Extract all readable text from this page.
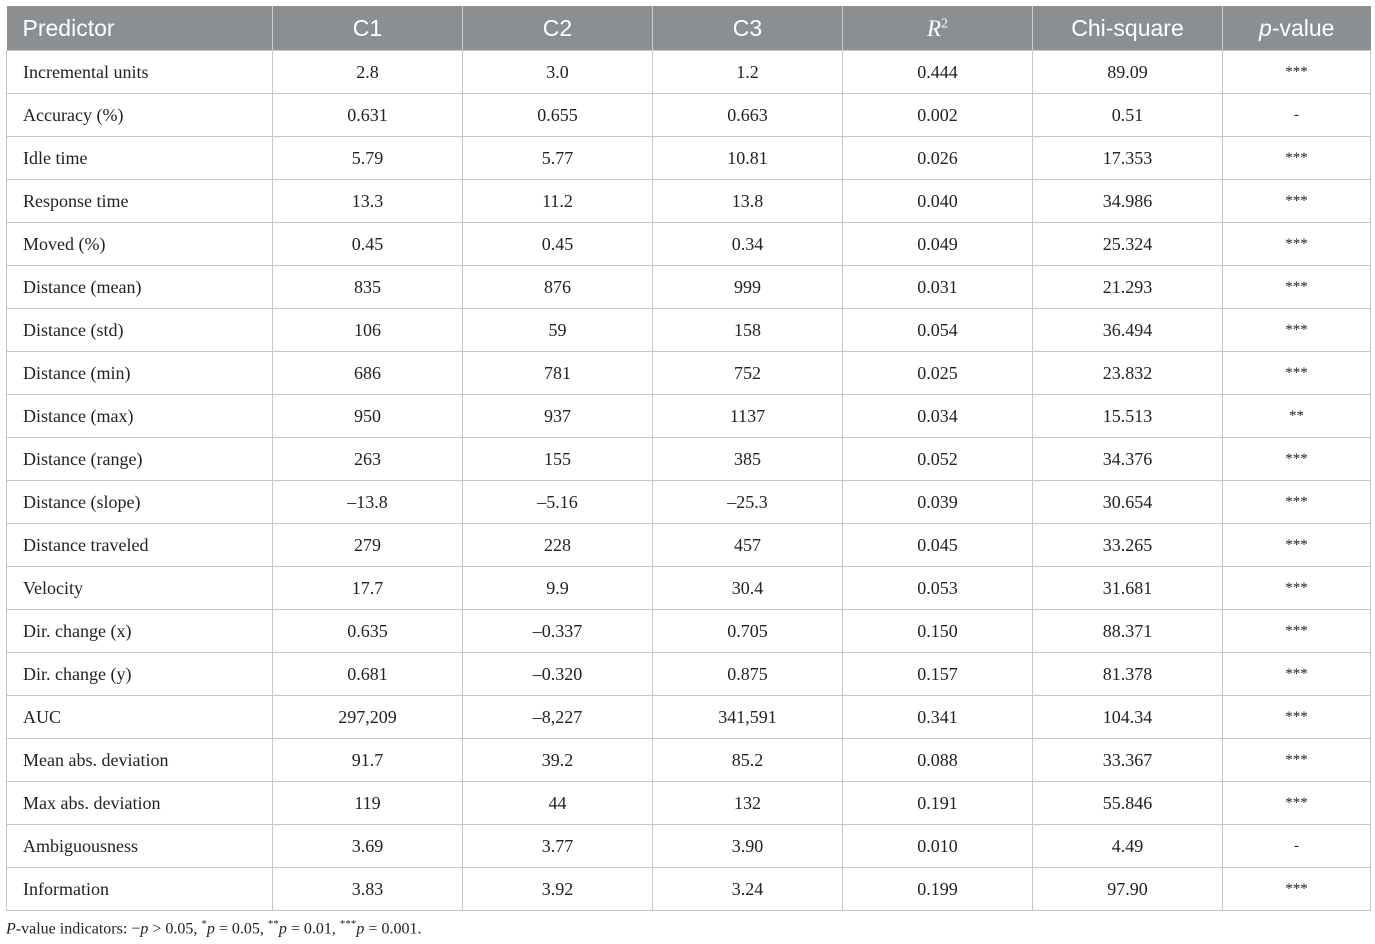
Predictor	C1	C2	C3	$R^2$	Chi-square	p-value
Incremental units	2.8	3.0	1.2	0.444	89.09	***
Accuracy (%)	0.631	0.655	0.663	0.002	0.51	-
Idle time	5.79	5.77	10.81	0.026	17.353	***
Response time	13.3	11.2	13.8	0.040	34.986	***
Moved (%)	0.45	0.45	0.34	0.049	25.324	***
Distance (mean)	835	876	999	0.031	21.293	***
Distance (std)	106	59	158	0.054	36.494	***
Distance (min)	686	781	752	0.025	23.832	***
Distance (max)	950	937	1137	0.034	15.513	**
Distance (range)	263	155	385	0.052	34.376	***
Distance (slope)	–13.8	–5.16	–25.3	0.039	30.654	***
Distance traveled	279	228	457	0.045	33.265	***
Velocity	17.7	9.9	30.4	0.053	31.681	***
Dir. change (x)	0.635	–0.337	0.705	0.150	88.371	***
Dir. change (y)	0.681	–0.320	0.875	0.157	81.378	***
AUC	297,209	–8,227	341,591	0.341	104.34	***
Mean abs. deviation	91.7	39.2	85.2	0.088	33.367	***
Max abs. deviation	119	44	132	0.191	55.846	***
Ambiguousness	3.69	3.77	3.90	0.010	4.49	-
Information	3.83	3.92	3.24	0.199	97.90	***
P-value indicators: −p > 0.05, *p = 0.05, **p = 0.01, ***p = 0.001.
